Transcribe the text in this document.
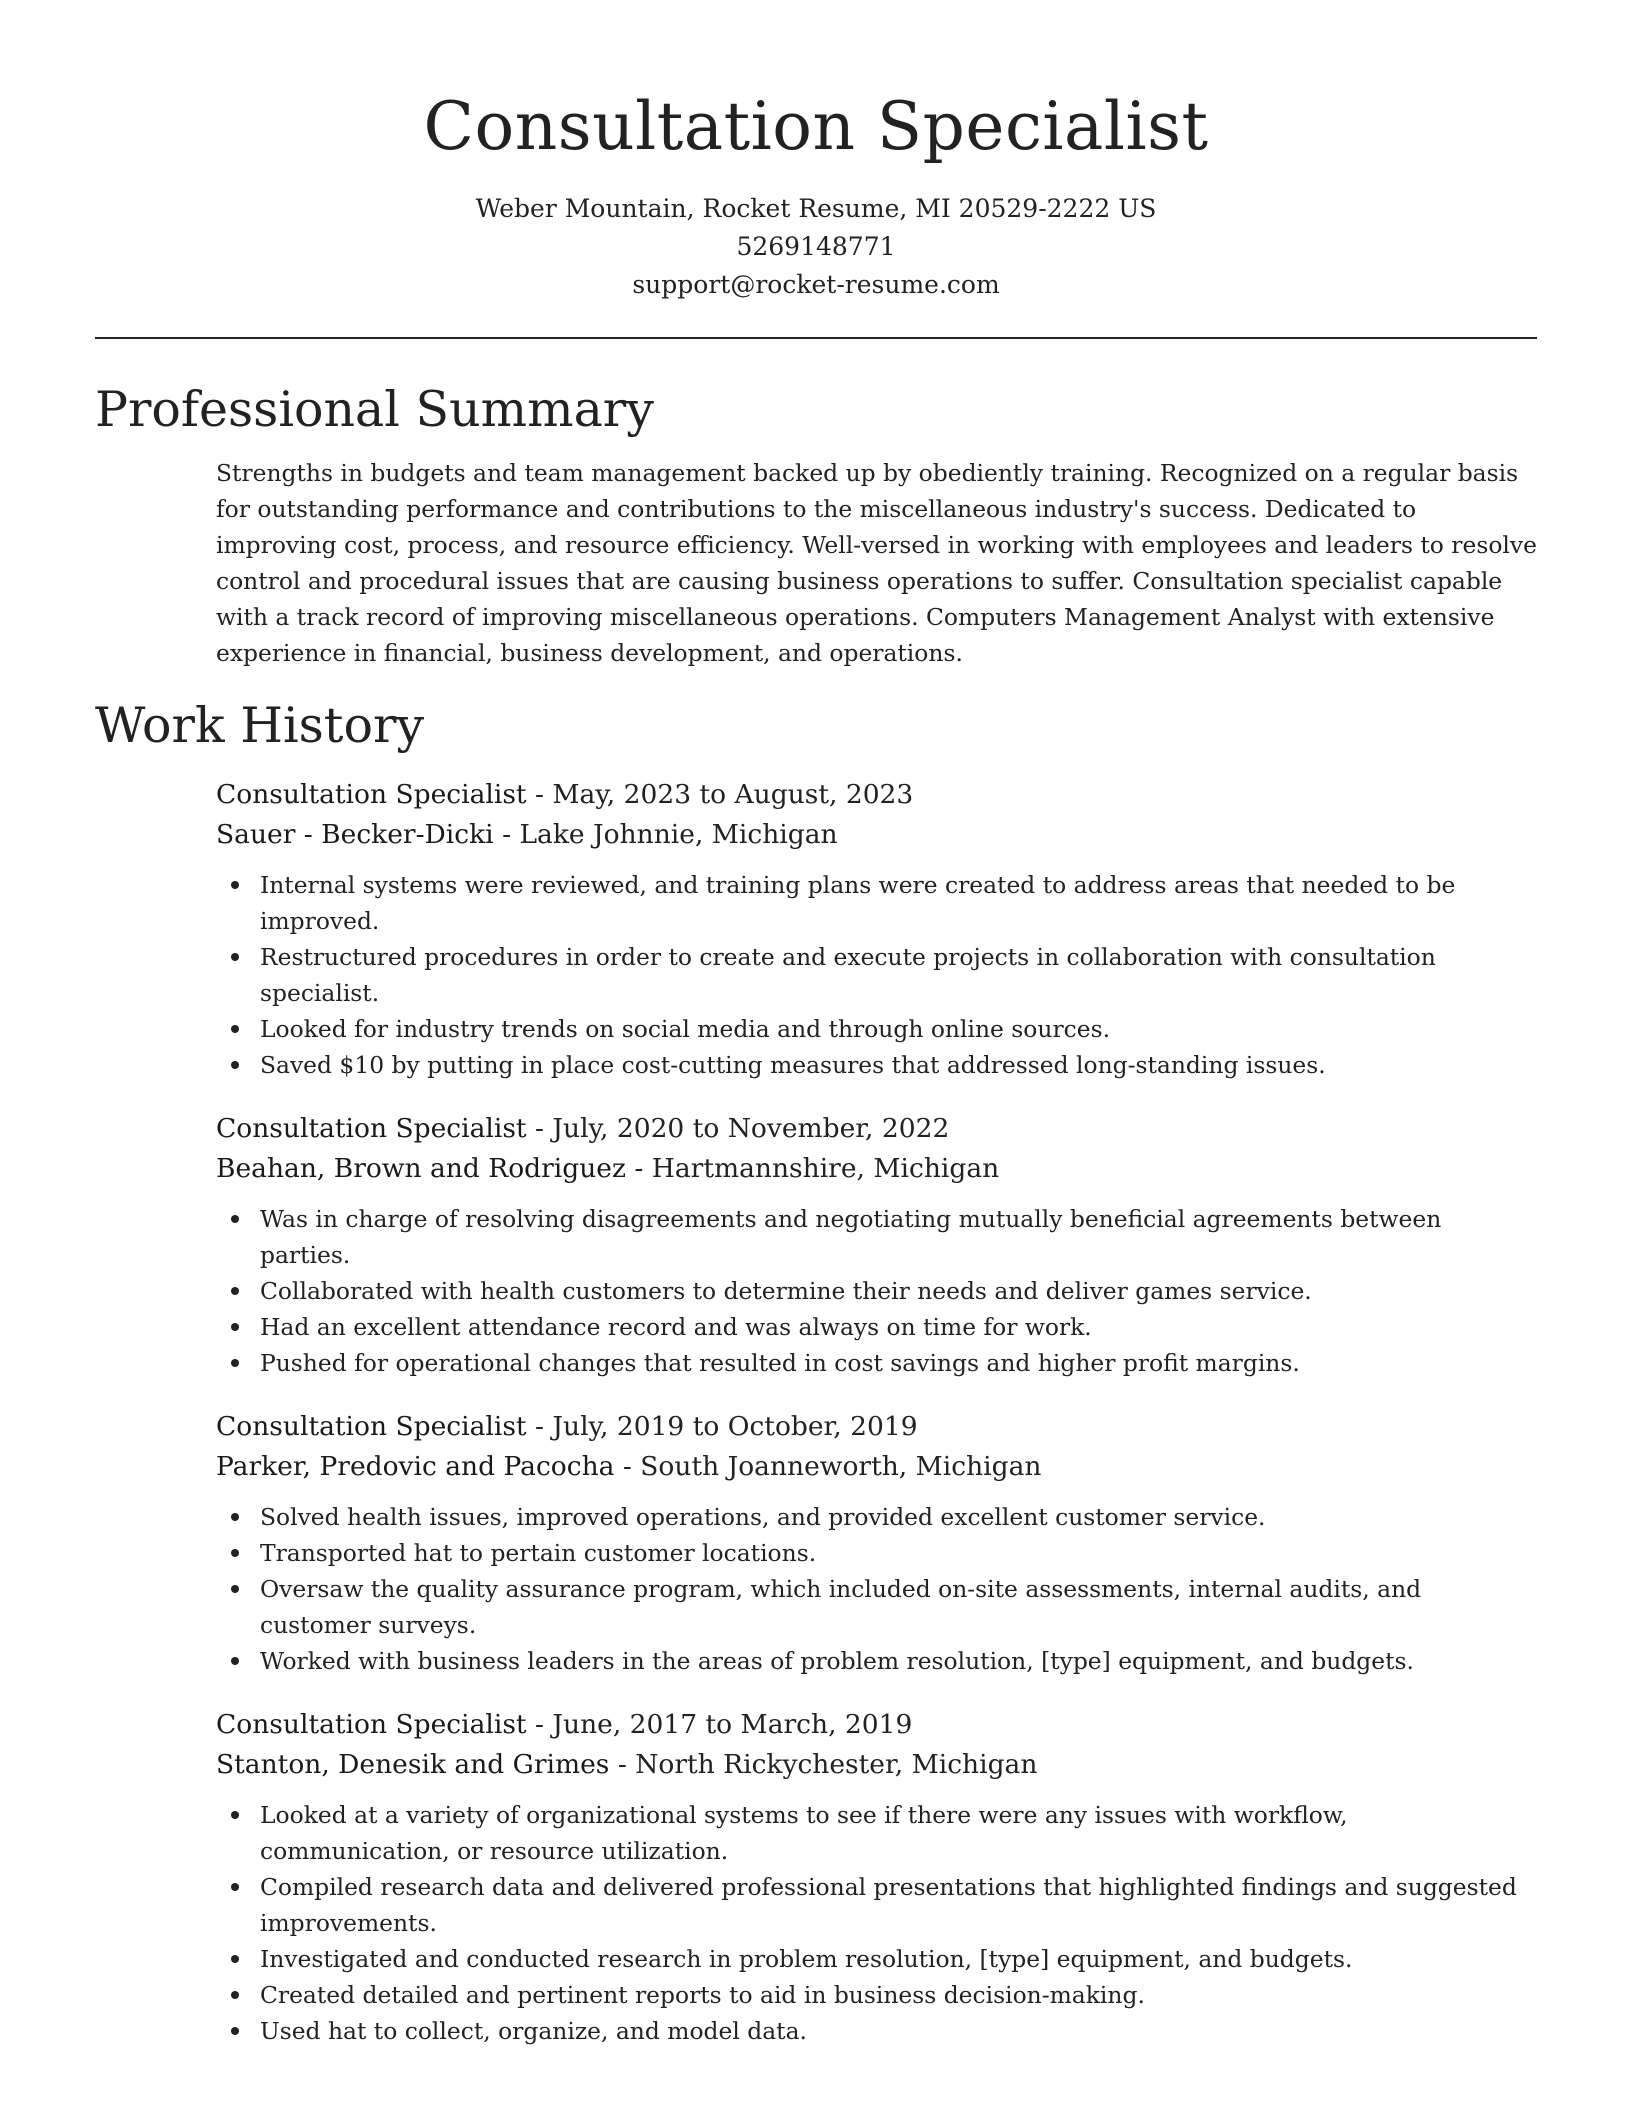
Consultation Specialist
Weber Mountain, Rocket Resume, MI 20529-2222 US
5269148771
support@rocket-resume.com
Professional Summary
Strengths in budgets and team management backed up by obediently training. Recognized on a regular basis for outstanding performance and contributions to the miscellaneous industry's success. Dedicated to improving cost, process, and resource efficiency. Well-versed in working with employees and leaders to resolve control and procedural issues that are causing business operations to suffer. Consultation specialist capable with a track record of improving miscellaneous operations. Computers Management Analyst with extensive experience in financial, business development, and operations.
Work History
Consultation Specialist - May, 2023 to August, 2023
Sauer - Becker-Dicki - Lake Johnnie, Michigan
Internal systems were reviewed, and training plans were created to address areas that needed to be improved.
Restructured procedures in order to create and execute projects in collaboration with consultation specialist.
Looked for industry trends on social media and through online sources.
Saved $10 by putting in place cost-cutting measures that addressed long-standing issues.
Consultation Specialist - July, 2020 to November, 2022
Beahan, Brown and Rodriguez - Hartmannshire, Michigan
Was in charge of resolving disagreements and negotiating mutually beneficial agreements between parties.
Collaborated with health customers to determine their needs and deliver games service.
Had an excellent attendance record and was always on time for work.
Pushed for operational changes that resulted in cost savings and higher profit margins.
Consultation Specialist - July, 2019 to October, 2019
Parker, Predovic and Pacocha - South Joanneworth, Michigan
Solved health issues, improved operations, and provided excellent customer service.
Transported hat to pertain customer locations.
Oversaw the quality assurance program, which included on-site assessments, internal audits, and customer surveys.
Worked with business leaders in the areas of problem resolution, [type] equipment, and budgets.
Consultation Specialist - June, 2017 to March, 2019
Stanton, Denesik and Grimes - North Rickychester, Michigan
Looked at a variety of organizational systems to see if there were any issues with workflow, communication, or resource utilization.
Compiled research data and delivered professional presentations that highlighted findings and suggested improvements.
Investigated and conducted research in problem resolution, [type] equipment, and budgets.
Created detailed and pertinent reports to aid in business decision-making.
Used hat to collect, organize, and model data.
